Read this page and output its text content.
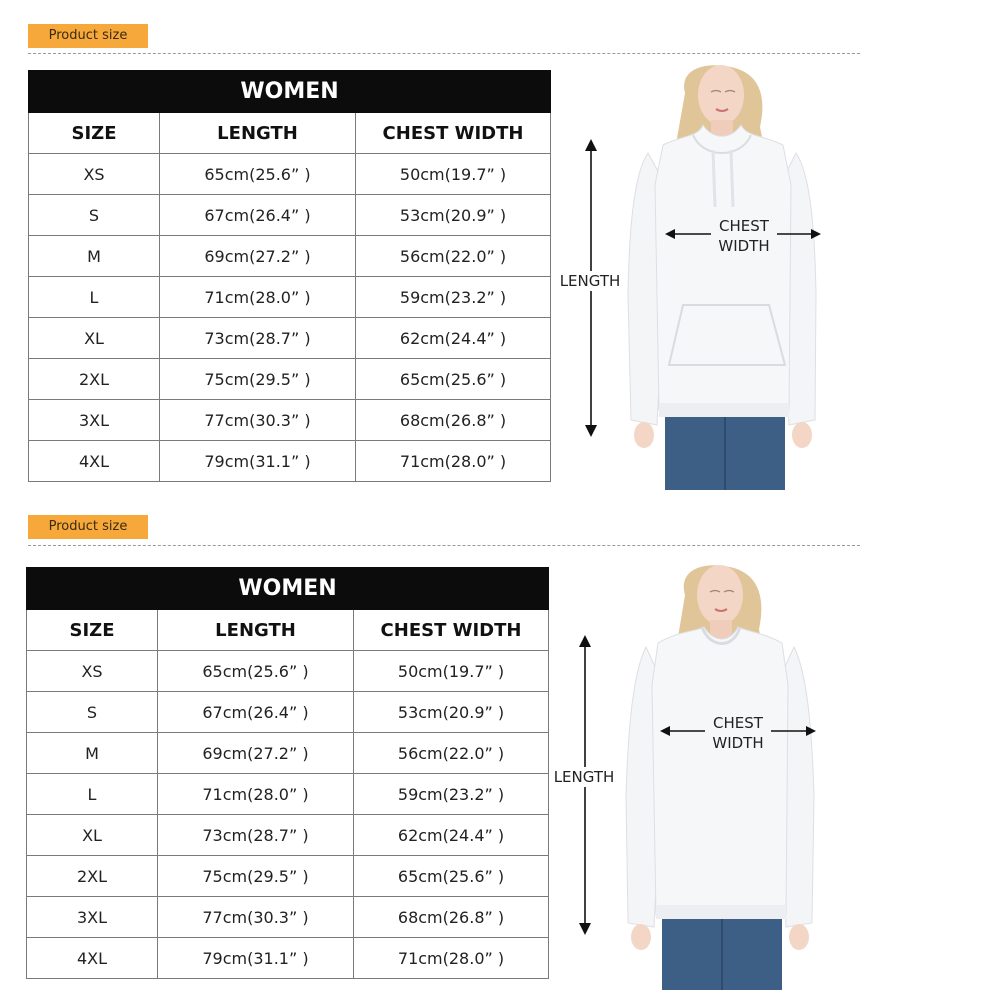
Product size
WOMEN		
SIZE	LENGTH	CHEST WIDTH
XS	65cm(25.6” )	50cm(19.7” )
S	67cm(26.4” )	53cm(20.9” )
M	69cm(27.2” )	56cm(22.0” )
L	71cm(28.0” )	59cm(23.2” )
XL	73cm(28.7” )	62cm(24.4” )
2XL	75cm(29.5” )	65cm(25.6” )
3XL	77cm(30.3” )	68cm(26.8” )
4XL	79cm(31.1” )	71cm(28.0” )
CHEST
WIDTH
LENGTH
Product size
WOMEN		
SIZE	LENGTH	CHEST WIDTH
XS	65cm(25.6” )	50cm(19.7” )
S	67cm(26.4” )	53cm(20.9” )
M	69cm(27.2” )	56cm(22.0” )
L	71cm(28.0” )	59cm(23.2” )
XL	73cm(28.7” )	62cm(24.4” )
2XL	75cm(29.5” )	65cm(25.6” )
3XL	77cm(30.3” )	68cm(26.8” )
4XL	79cm(31.1” )	71cm(28.0” )
CHEST
WIDTH
LENGTH
